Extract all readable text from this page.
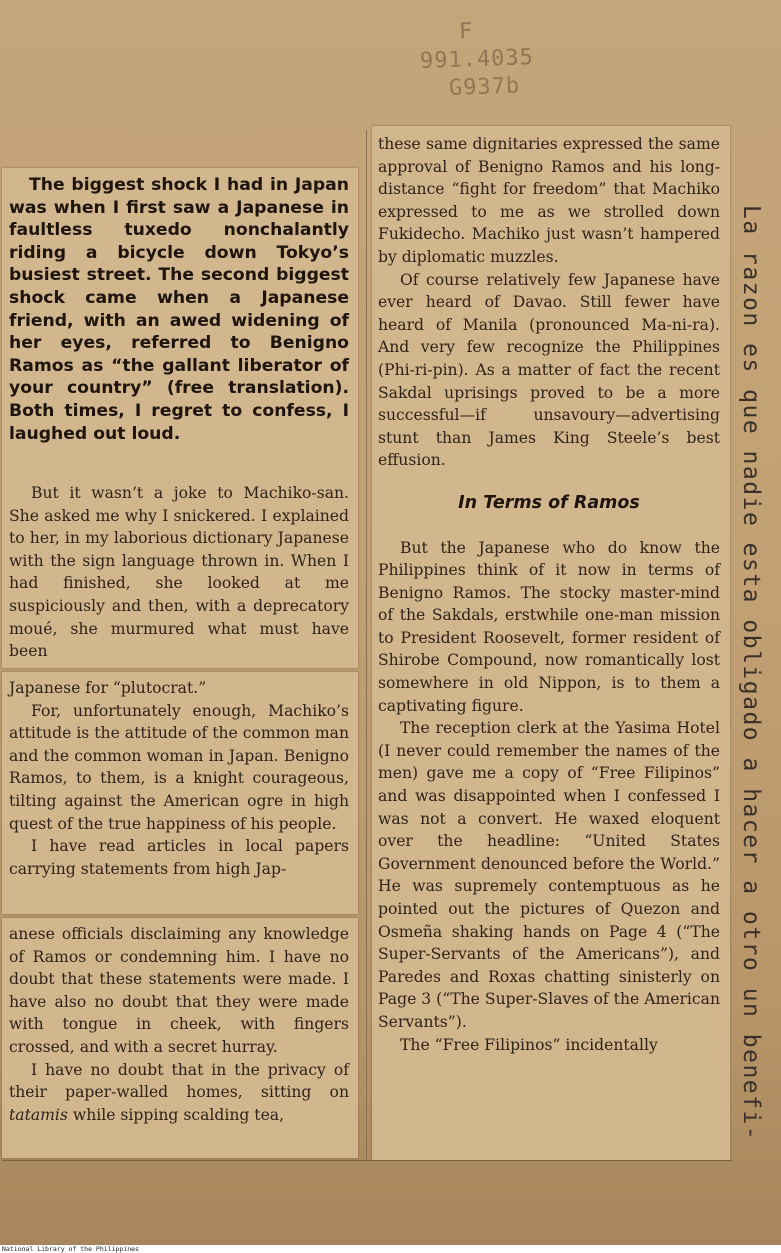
F
991.4035
G937b
La razon es que nadie esta obligado a hacer a otro un benefi-

The biggest shock I had in Japan was when I first saw a Japanese in faultless tuxedo nonchalantly riding a bicycle down Tokyo’s busiest street. The second biggest shock came when a Japanese friend, with an awed widening of her eyes, referred to Benigno Ramos as “the gallant liberator of your country” (free translation). Both times, I regret to confess, I laughed out loud.

But it wasn’t a joke to Machiko-san. She asked me why I snickered. I explained to her, in my laborious dictionary Japanese with the sign language thrown in. When I had finished, she looked at me suspiciously and then, with a deprecatory moué, she murmured what must have been

Japanese for “plutocrat.”

For, unfortunately enough, Machiko’s attitude is the attitude of the common man and the common woman in Japan. Benigno Ramos, to them, is a knight courageous, tilting against the American ogre in high quest of the true happiness of his people.

I have read articles in local papers carrying statements from high Jap-

anese officials disclaiming any knowledge of Ramos or condemning him. I have no doubt that these statements were made. I have also no doubt that they were made with tongue in cheek, with fingers crossed, and with a secret hurray.

I have no doubt that in the privacy of their paper-walled homes, sitting on tatamis while sipping scalding tea,

these same dignitaries expressed the same approval of Benigno Ramos and his long-distance “fight for freedom” that Machiko expressed to me as we strolled down Fukidecho. Machiko just wasn’t hampered by diplomatic muzzles.

Of course relatively few Japanese have ever heard of Davao. Still fewer have heard of Manila (pronounced Ma-ni-ra). And very few recognize the Philippines (Phi-ri-pin). As a matter of fact the recent Sakdal uprisings proved to be a more successful—if unsavoury—advertising stunt than James King Steele’s best effusion.

In Terms of Ramos

But the Japanese who do know the Philippines think of it now in terms of Benigno Ramos. The stocky master-mind of the Sakdals, erstwhile one-man mission to President Roosevelt, former resident of Shirobe Compound, now romantically lost somewhere in old Nippon, is to them a captivating figure.

The reception clerk at the Yasima Hotel (I never could remember the names of the men) gave me a copy of “Free Filipinos” and was disappointed when I confessed I was not a convert. He waxed eloquent over the headline: “United States Government denounced before the World.” He was supremely contemptuous as he pointed out the pictures of Quezon and Osmeña shaking hands on Page 4 (“The Super-Servants of the Americans”), and Paredes and Roxas chatting sinisterly on Page 3 (“The Super-Slaves of the American Servants”).

The “Free Filipinos” incidentally

National Library of the Philippines
